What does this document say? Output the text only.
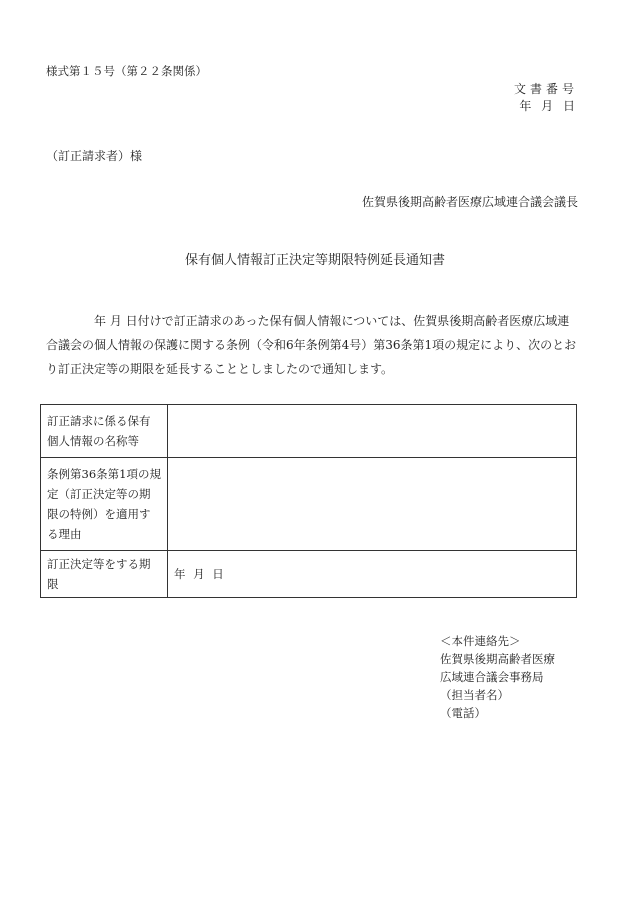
様式第１５号（第２２条関係）
文書番号
年 月 日
（訂正請求者）様
佐賀県後期高齢者医療広域連合議会議長
保有個人情報訂正決定等期限特例延長通知書
年 月 日付けで訂正請求のあった保有個人情報については、佐賀県後期高齢者医療広域連合議会の個人情報の保護に関する条例（令和6年条例第4号）第36条第1項の規定により、次のとおり訂正決定等の期限を延長することとしましたので通知します。
訂正請求に係る保有個人情報の名称等	
条例第36条第1項の規定（訂正決定等の期限の特例）を適用する理由	
訂正決定等をする期限	年 月 日
＜本件連絡先＞
佐賀県後期高齢者医療
広域連合議会事務局
（担当者名）
（電話）
